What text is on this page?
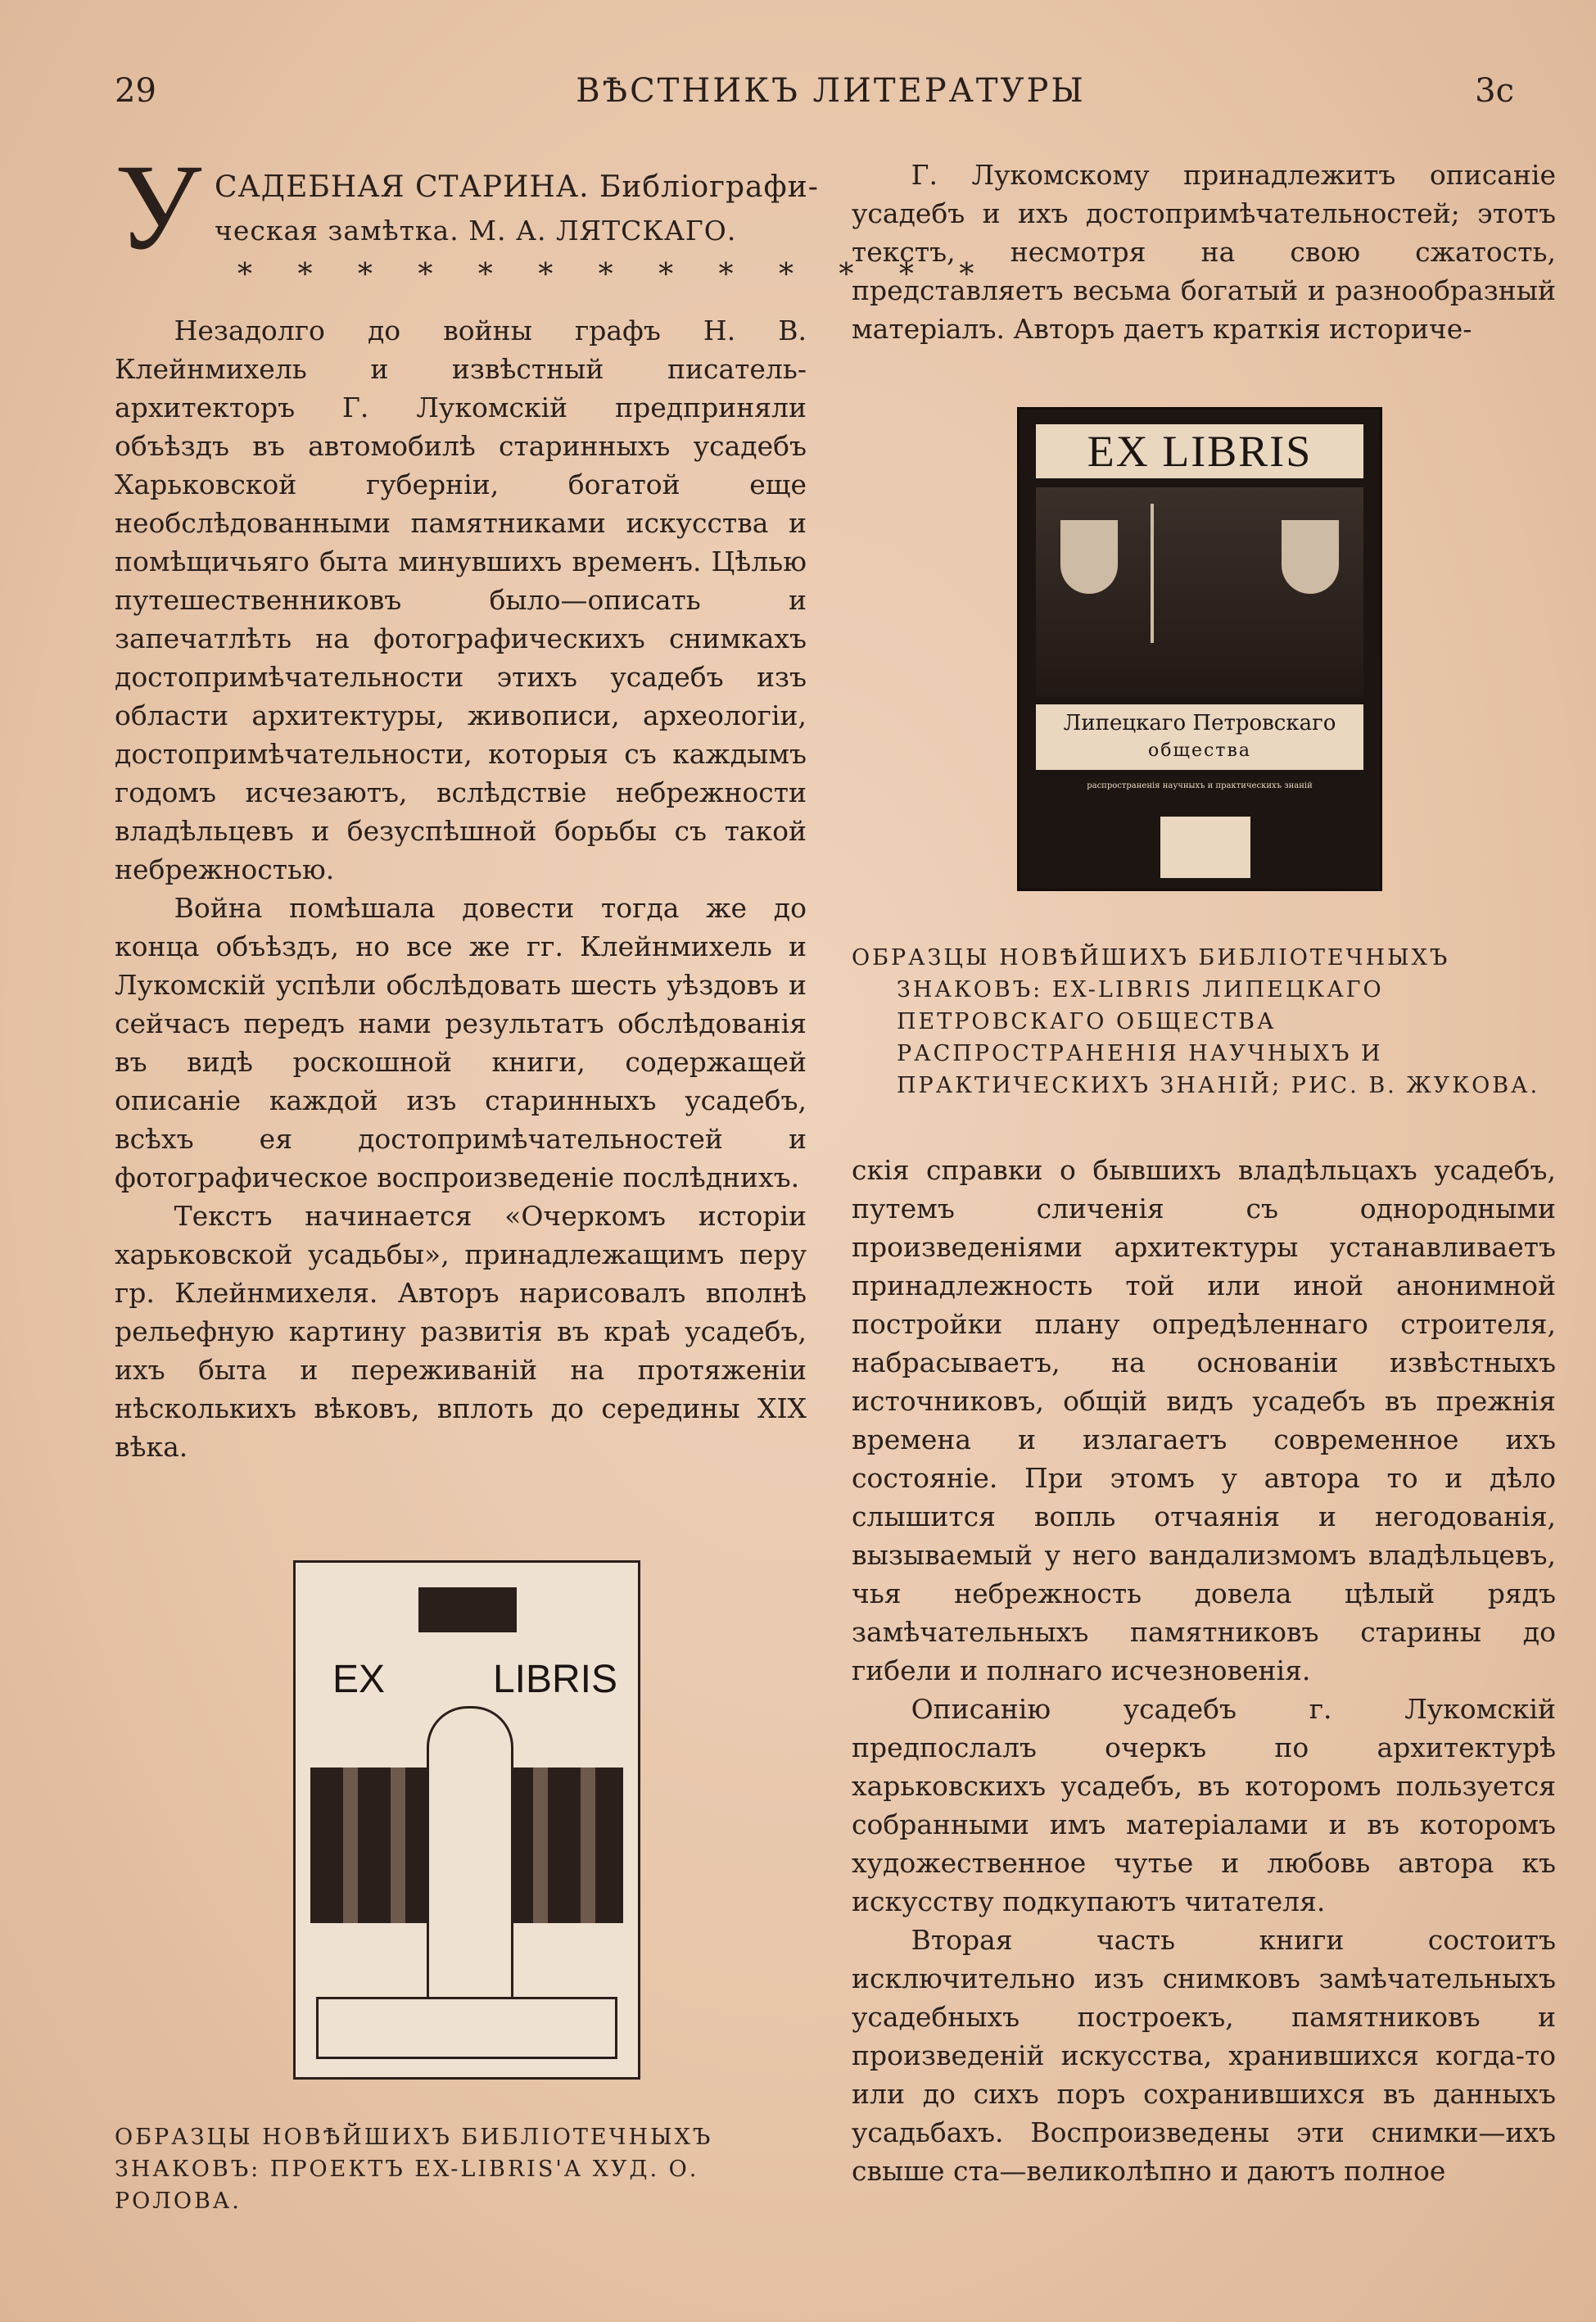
29	ВѢСТНИКЪ ЛИТЕРАТУРЫ	3с
У САДЕБНАЯ СТАРИНА. Библіографи-
ческая замѣтка. М. А. ЛЯТСКАГО.
* * * * * * * * * * * * *

Незадолго до войны графъ Н. В. Клейнмихель и извѣстный писатель-архитекторъ Г. Лукомскій предприняли объѣздъ въ автомобилѣ старинныхъ усадебъ Харьковской губерніи, богатой еще необслѣдованными памятниками искусства и помѣщичьяго быта минувшихъ временъ. Цѣлью путешественниковъ было—описать и запечатлѣть на фотографическихъ снимкахъ достопримѣчательности этихъ усадебъ изъ области архитектуры, живописи, археологіи, достопримѣчательности, которыя съ каждымъ годомъ исчезаютъ, вслѣдствіе небрежности владѣльцевъ и безуспѣшной борьбы съ такой небрежностью.

Война помѣшала довести тогда же до конца объѣздъ, но все же гг. Клейнмихель и Лукомскій успѣли обслѣдовать шесть уѣздовъ и сейчасъ передъ нами результатъ обслѣдованія въ видѣ роскошной книги, содержащей описаніе каждой изъ старинныхъ усадебъ, всѣхъ ея достопримѣчательностей и фотографическое воспроизведеніе послѣднихъ.

Текстъ начинается «Очеркомъ исторіи харьковской усадьбы», принадлежащимъ перу гр. Клейнмихеля. Авторъ нарисовалъ вполнѣ рельефную картину развитія въ краѣ усадебъ, ихъ быта и переживаній на протяженіи нѣсколькихъ вѣковъ, вплоть до середины XIX вѣка.

Г. Лукомскому принадлежитъ описаніе усадебъ и ихъ достопримѣчательностей; этотъ текстъ, несмотря на свою сжатость, представляетъ весьма богатый и разнообразный матеріалъ. Авторъ даетъ краткія историче-

EX LIBRIS
Липецкаго Петровскаго
общества
распространенія научныхъ и практическихъ знаній
ОБРАЗЦЫ НОВѢЙШИХЪ БИБЛІОТЕЧНЫХЪ
ЗНАКОВЪ: EX-LIBRIS ЛИПЕЦКАГО ПЕТРОВСКАГО ОБЩЕСТВА РАСПРОСТРАНЕНІЯ НАУЧНЫХЪ И ПРАКТИЧЕСКИХЪ ЗНАНІЙ; РИС. В. ЖУКОВА.

скія справки о бывшихъ владѣльцахъ усадебъ, путемъ сличенія съ однородными произведеніями архитектуры устанавливаетъ принадлежность той или иной анонимной постройки плану опредѣленнаго строителя, набрасываетъ, на основаніи извѣстныхъ источниковъ, общій видъ усадебъ въ прежнія времена и излагаетъ современное ихъ состояніе. При этомъ у автора то и дѣло слышится вопль отчаянія и негодованія, вызываемый у него вандализмомъ владѣльцевъ, чья небрежность довела цѣлый рядъ замѣчательныхъ памятниковъ старины до гибели и полнаго исчезновенія.

Описанію усадебъ г. Лукомскій предпослалъ очеркъ по архитектурѣ харьковскихъ усадебъ, въ которомъ пользуется собранными имъ матеріалами и въ которомъ художественное чутье и любовь автора къ искусству подкупаютъ читателя.

Вторая часть книги состоитъ исключительно изъ снимковъ замѣчательныхъ усадебныхъ построекъ, памятниковъ и произведеній искусства, хранившихся когда-то или до сихъ поръ сохранившихся въ данныхъ усадьбахъ. Воспроизведены эти снимки—ихъ свыше ста—великолѣпно и даютъ полное

EX	LIBRIS
ОБРАЗЦЫ НОВѢЙШИХЪ БИБЛІОТЕЧНЫХЪ
ЗНАКОВЪ: ПРОЕКТЪ EX-LIBRIS'А ХУД. О. РОЛОВА.
